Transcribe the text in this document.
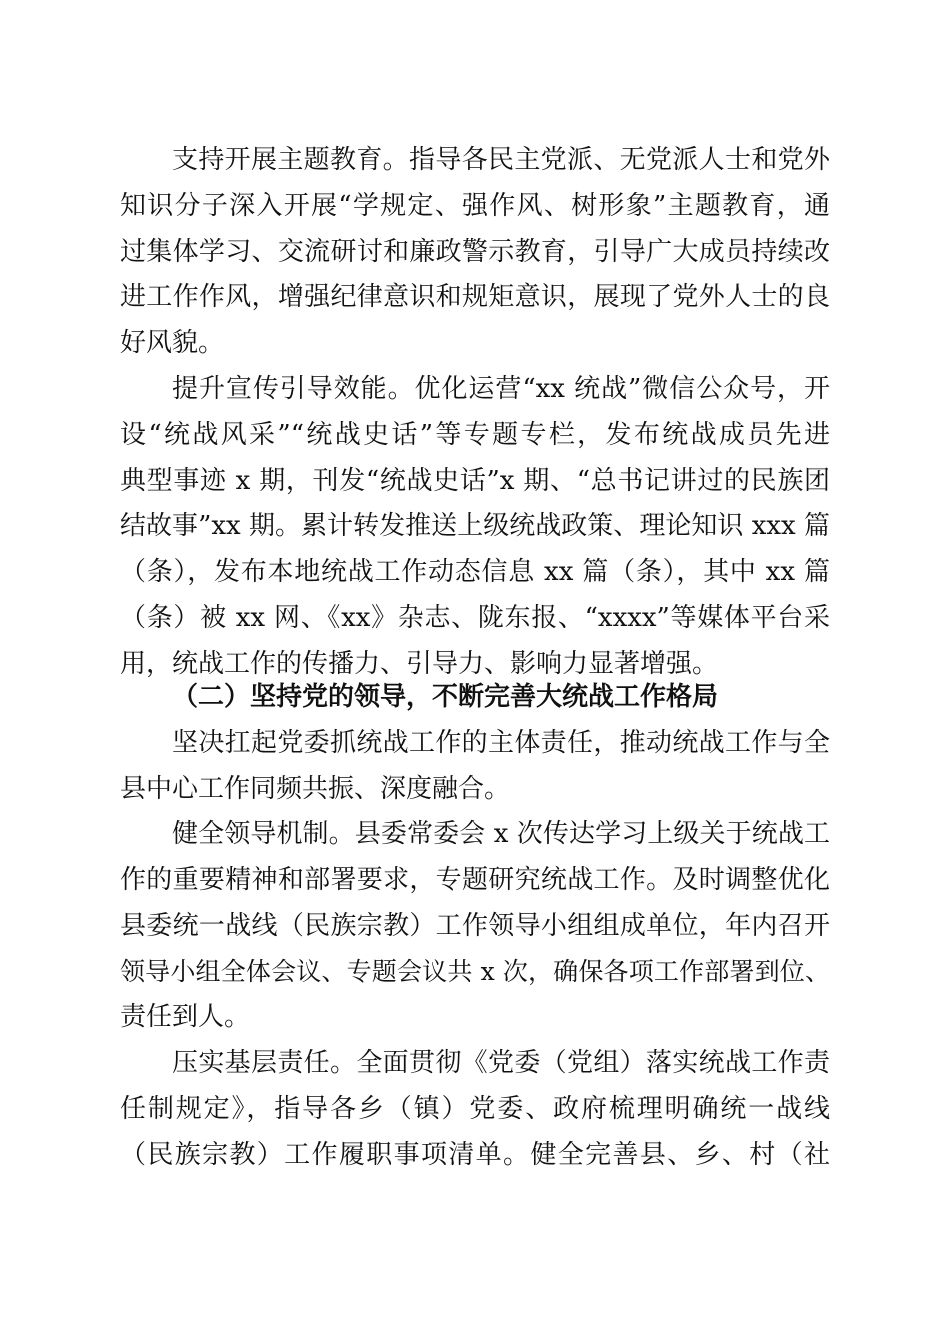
支持开展主题教育。指导各民主党派、无党派人士和党外
知识分子深入开展“学规定、强作风、树形象”主题教育，通
过集体学习、交流研讨和廉政警示教育，引导广大成员持续改
进工作作风，增强纪律意识和规矩意识，展现了党外人士的良
好风貌。
提升宣传引导效能。优化运营“xx 统战”微信公众号，开
设“统战风采”“统战史话”等专题专栏，发布统战成员先进
典型事迹 x 期，刊发“统战史话”x 期、“总书记讲过的民族团
结故事”xx 期。累计转发推送上级统战政策、理论知识 xxx 篇
（条），发布本地统战工作动态信息 xx 篇（条），其中 xx 篇
（条）被 xx 网、《xx》杂志、陇东报、“xxxx”等媒体平台采
用，统战工作的传播力、引导力、影响力显著增强。
（二）坚持党的领导，不断完善大统战工作格局
坚决扛起党委抓统战工作的主体责任，推动统战工作与全
县中心工作同频共振、深度融合。
健全领导机制。县委常委会 x 次传达学习上级关于统战工
作的重要精神和部署要求，专题研究统战工作。及时调整优化
县委统一战线（民族宗教）工作领导小组组成单位，年内召开
领导小组全体会议、专题会议共 x 次，确保各项工作部署到位、
责任到人。
压实基层责任。全面贯彻《党委（党组）落实统战工作责
任制规定》，指导各乡（镇）党委、政府梳理明确统一战线
（民族宗教）工作履职事项清单。健全完善县、乡、村（社
